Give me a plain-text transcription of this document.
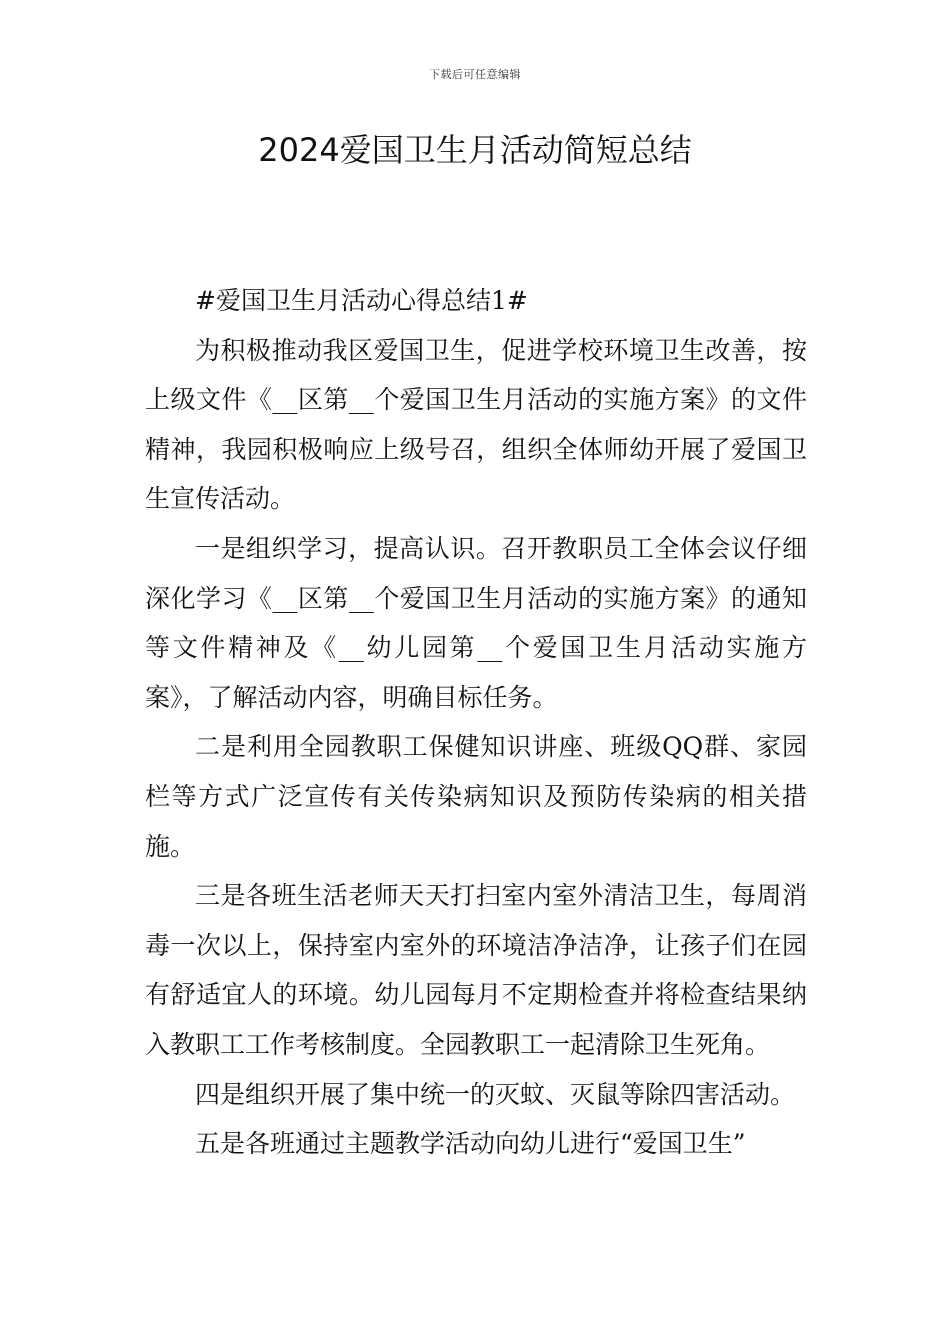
下载后可任意编辑
2024爱国卫生月活动简短总结

#爱国卫生月活动心得总结1#

为积极推动我区爱国卫生，促进学校环境卫生改善，按上级文件《__区第__个爱国卫生月活动的实施方案》的文件精神，我园积极响应上级号召，组织全体师幼开展了爱国卫生宣传活动。

一是组织学习，提高认识。召开教职员工全体会议仔细深化学习《__区第__个爱国卫生月活动的实施方案》的通知等文件精神及《__幼儿园第__个爱国卫生月活动实施方案》，了解活动内容，明确目标任务。

二是利用全园教职工保健知识讲座、班级QQ群、家园栏等方式广泛宣传有关传染病知识及预防传染病的相关措施。

三是各班生活老师天天打扫室内室外清洁卫生，每周消毒一次以上，保持室内室外的环境洁净洁净，让孩子们在园有舒适宜人的环境。幼儿园每月不定期检查并将检查结果纳入教职工工作考核制度。全园教职工一起清除卫生死角。

四是组织开展了集中统一的灭蚊、灭鼠等除四害活动。

五是各班通过主题教学活动向幼儿进行“爱国卫生”
